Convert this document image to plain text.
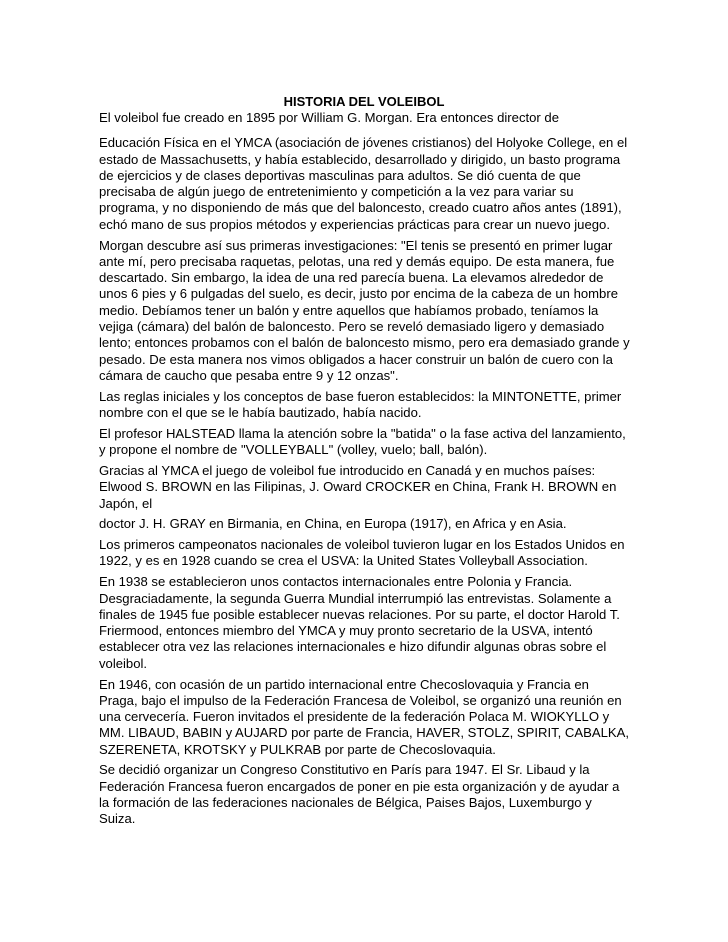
HISTORIA DEL VOLEIBOL

El voleibol fue creado en 1895 por William G. Morgan. Era entonces director de

Educación Física en el YMCA (asociación de jóvenes cristianos) del Holyoke College, en el estado de Massachusetts, y había establecido, desarrollado y dirigido, un basto programa de ejercicios y de clases deportivas masculinas para adultos. Se dió cuenta de que precisaba de algún juego de entretenimiento y competición a la vez para variar su programa, y no disponiendo de más que del baloncesto, creado cuatro años antes (1891), echó mano de sus propios métodos y experiencias prácticas para crear un nuevo juego.

Morgan descubre así sus primeras investigaciones: "El tenis se presentó en primer lugar ante mí, pero precisaba raquetas, pelotas, una red y demás equipo. De esta manera, fue descartado. Sin embargo, la idea de una red parecía buena. La elevamos alrededor de unos 6 pies y 6 pulgadas del suelo, es decir, justo por encima de la cabeza de un hombre medio. Debíamos tener un balón y entre aquellos que habíamos probado, teníamos la vejiga (cámara) del balón de baloncesto. Pero se reveló demasiado ligero y demasiado lento; entonces probamos con el balón de baloncesto mismo, pero era demasiado grande y pesado. De esta manera nos vimos obligados a hacer construir un balón de cuero con la cámara de caucho que pesaba entre 9 y 12 onzas".

Las reglas iniciales y los conceptos de base fueron establecidos: la MINTONETTE, primer nombre con el que se le había bautizado, había nacido.

El profesor HALSTEAD llama la atención sobre la "batida" o la fase activa del lanzamiento, y propone el nombre de "VOLLEYBALL" (volley, vuelo; ball, balón).

Gracias al YMCA el juego de voleibol fue introducido en Canadá y en muchos países: Elwood S. BROWN en las Filipinas, J. Oward CROCKER en China, Frank H. BROWN en Japón, el

doctor J. H. GRAY en Birmania, en China, en Europa (1917), en Africa y en Asia.

Los primeros campeonatos nacionales de voleibol tuvieron lugar en los Estados Unidos en 1922, y es en 1928 cuando se crea el USVA: la United States Volleyball Association.

En 1938 se establecieron unos contactos internacionales entre Polonia y Francia. Desgraciadamente, la segunda Guerra Mundial interrumpió las entrevistas. Solamente a finales de 1945 fue posible establecer nuevas relaciones. Por su parte, el doctor Harold T. Friermood, entonces miembro del YMCA y muy pronto secretario de la USVA, intentó establecer otra vez las relaciones internacionales e hizo difundir algunas obras sobre el voleibol.

En 1946, con ocasión de un partido internacional entre Checoslovaquia y Francia en Praga, bajo el impulso de la Federación Francesa de Voleibol, se organizó una reunión en una cervecería. Fueron invitados el presidente de la federación Polaca M. WIOKYLLO y MM. LIBAUD, BABIN y AUJARD por parte de Francia, HAVER, STOLZ, SPIRIT, CABALKA, SZERENETA, KROTSKY y PULKRAB por parte de Checoslovaquia.

Se decidió organizar un Congreso Constitutivo en París para 1947. El Sr. Libaud y la Federación Francesa fueron encargados de poner en pie esta organización y de ayudar a la formación de las federaciones nacionales de Bélgica, Paises Bajos, Luxemburgo y Suiza.
